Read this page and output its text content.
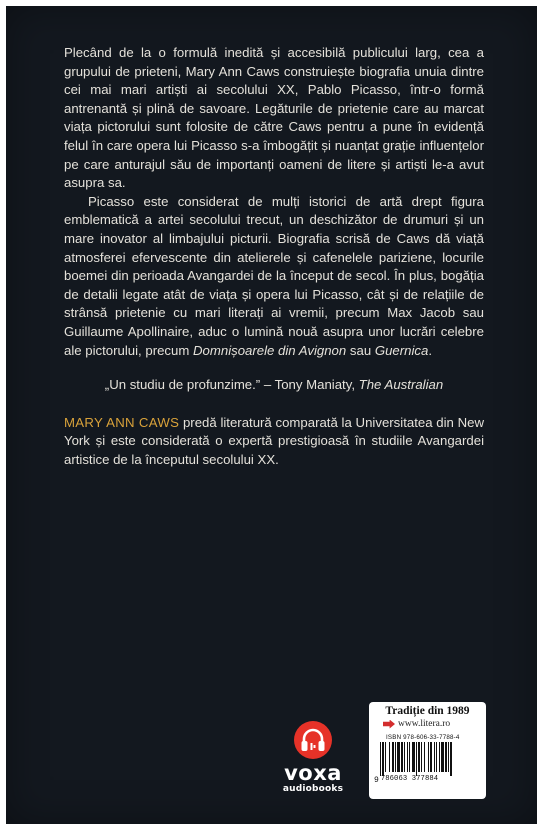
Plecând de la o formulă inedită și accesibilă publicului larg, cea a grupului de prieteni, Mary Ann Caws construiește biografia unuia dintre cei mai mari artiști ai secolului XX, Pablo Picasso, într-o formă antrenantă și plină de savoare. Legăturile de prietenie care au marcat viața pictorului sunt folosite de către Caws pentru a pune în evidență felul în care opera lui Picasso s-a îmbogățit și nuanțat grație influențelor pe care anturajul său de importanți oameni de litere și artiști le-a avut asupra sa.

Picasso este considerat de mulți istorici de artă drept figura emblematică a artei secolului trecut, un deschizător de drumuri și un mare inovator al limbajului picturii. Biografia scrisă de Caws dă viață atmosferei efervescente din atelierele și cafenelele pariziene, locurile boemei din perioada Avangardei de la început de secol. În plus, bogăția de detalii legate atât de viața și opera lui Picasso, cât și de relațiile de strânsă prietenie cu mari literați ai vremii, precum Max Jacob sau Guillaume Apollinaire, aduc o lumină nouă asupra unor lucrări celebre ale pictorului, precum Domnișoarele din Avignon sau Guernica.

„Un studiu de profunzime.” – Tony Maniaty, The Australian

MARY ANN CAWS predă literatură comparată la Universitatea din New York și este considerată o expertă prestigioasă în studiile Avangardei artistice de la începutul secolului XX.

voxa
audiobooks
Tradiție din 1989
www.litera.ro
ISBN 978-606-33-7788-4
9 786063 377884
